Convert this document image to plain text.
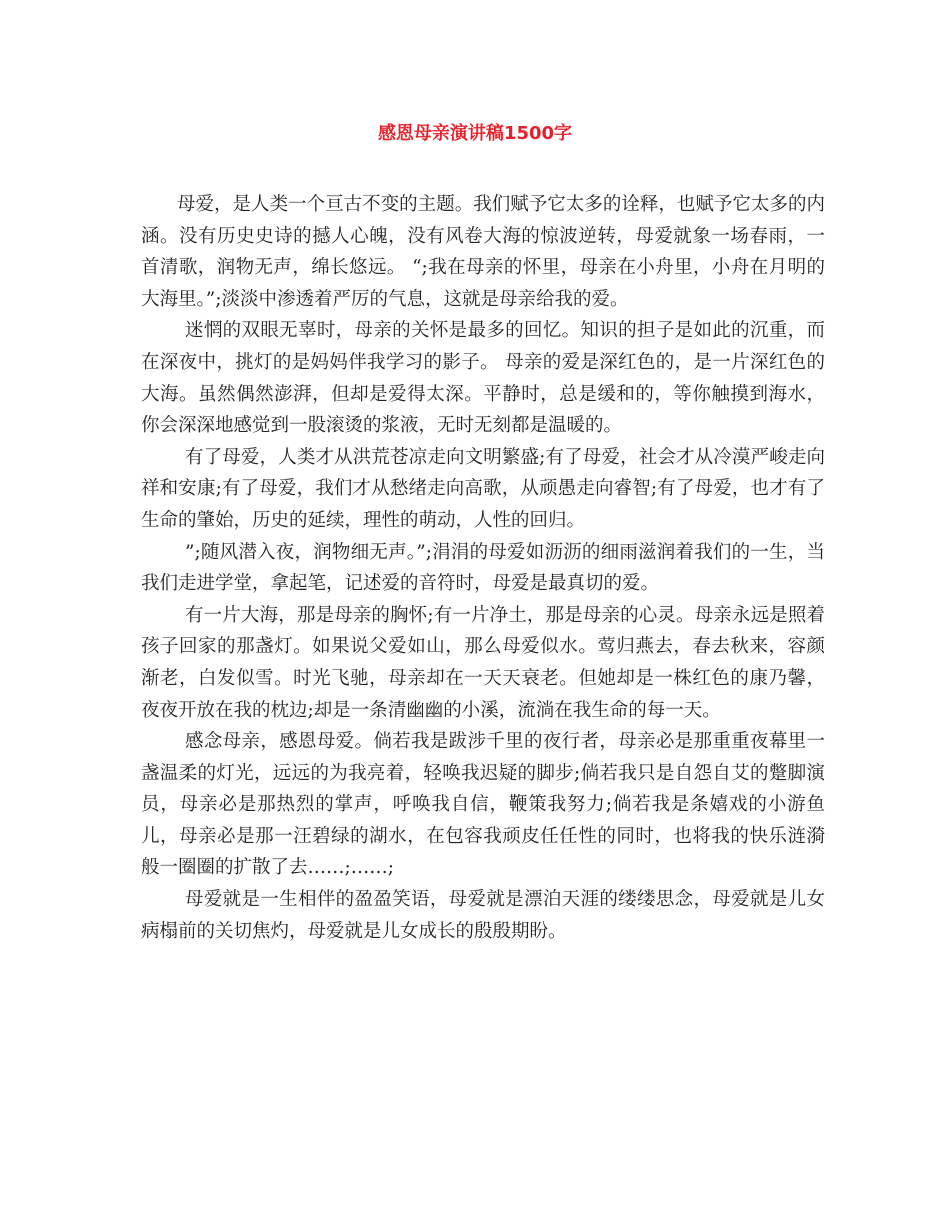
感恩母亲演讲稿1500字

母爱，是人类一个亘古不变的主题。我们赋予它太多的诠释，也赋予它太多的内涵。没有历史史诗的撼人心魄，没有风卷大海的惊波逆转，母爱就象一场春雨，一首清歌，润物无声，绵长悠远。 “;我在母亲的怀里，母亲在小舟里，小舟在月明的大海里。”;淡淡中渗透着严厉的气息，这就是母亲给我的爱。

迷惘的双眼无辜时，母亲的关怀是最多的回忆。知识的担子是如此的沉重，而在深夜中，挑灯的是妈妈伴我学习的影子。 母亲的爱是深红色的，是一片深红色的大海。虽然偶然澎湃，但却是爱得太深。平静时，总是缓和的，等你触摸到海水，你会深深地感觉到一股滚烫的浆液，无时无刻都是温暖的。

有了母爱，人类才从洪荒苍凉走向文明繁盛;有了母爱，社会才从冷漠严峻走向祥和安康;有了母爱，我们才从愁绪走向高歌，从顽愚走向睿智;有了母爱，也才有了生命的肇始，历史的延续，理性的萌动，人性的回归。

”;随风潜入夜，润物细无声。”;涓涓的母爱如沥沥的细雨滋润着我们的一生，当我们走进学堂，拿起笔，记述爱的音符时，母爱是最真切的爱。

有一片大海，那是母亲的胸怀;有一片净土，那是母亲的心灵。母亲永远是照着孩子回家的那盏灯。如果说父爱如山，那么母爱似水。莺归燕去，春去秋来，容颜渐老，白发似雪。时光飞驰，母亲却在一天天衰老。但她却是一株红色的康乃馨，夜夜开放在我的枕边;却是一条清幽幽的小溪，流淌在我生命的每一天。

感念母亲，感恩母爱。倘若我是跋涉千里的夜行者，母亲必是那重重夜幕里一盏温柔的灯光，远远的为我亮着，轻唤我迟疑的脚步;倘若我只是自怨自艾的蹩脚演员，母亲必是那热烈的掌声，呼唤我自信，鞭策我努力;倘若我是条嬉戏的小游鱼儿，母亲必是那一汪碧绿的湖水，在包容我顽皮任任性的同时，也将我的快乐涟漪般一圈圈的扩散了去……;……;

母爱就是一生相伴的盈盈笑语，母爱就是漂泊天涯的缕缕思念，母爱就是儿女病榻前的关切焦灼，母爱就是儿女成长的殷殷期盼。
